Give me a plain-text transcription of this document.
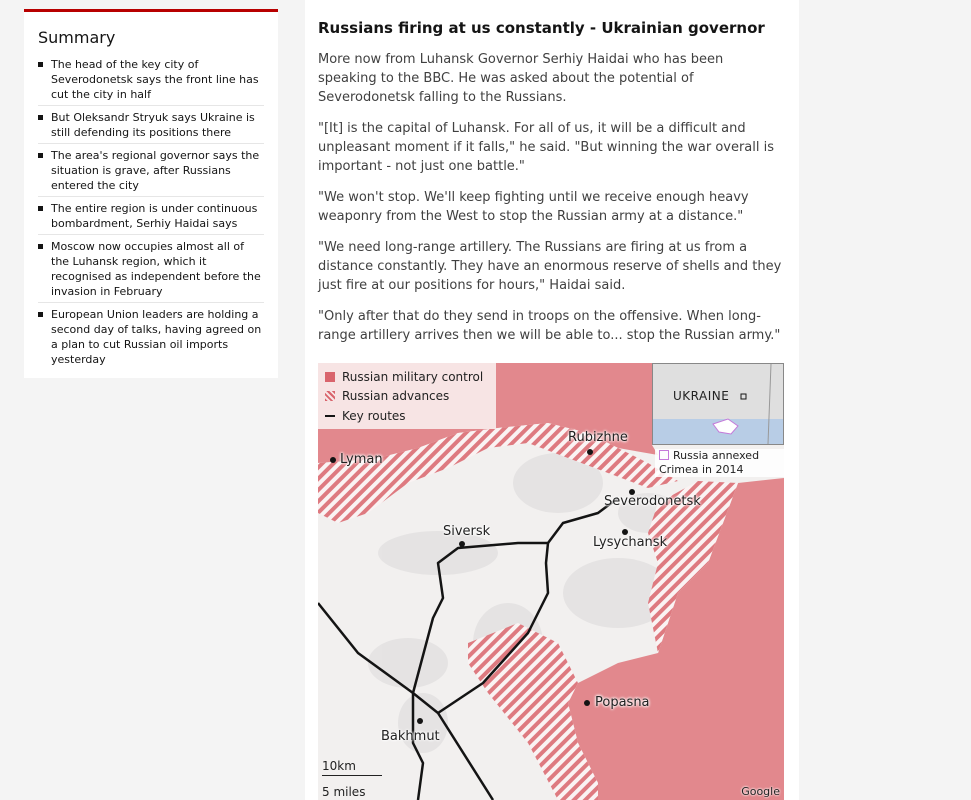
Summary
The head of the key city of Severodonetsk says the front line has cut the city in half
But Oleksandr Stryuk says Ukraine is still defending its positions there
The area's regional governor says the situation is grave, after Russians entered the city
The entire region is under continuous bombardment, Serhiy Haidai says
Moscow now occupies almost all of the Luhansk region, which it recognised as independent before the invasion in February
European Union leaders are holding a second day of talks, having agreed on a plan to cut Russian oil imports yesterday
Russians firing at us constantly - Ukrainian governor

More now from Luhansk Governor Serhiy Haidai who has been speaking to the BBC. He was asked about the potential of Severodonetsk falling to the Russians.

"[It] is the capital of Luhansk. For all of us, it will be a difficult and unpleasant moment if it falls," he said. "But winning the war overall is important - not just one battle."

"We won't stop. We'll keep fighting until we receive enough heavy weaponry from the West to stop the Russian army at a distance."

"We need long-range artillery. The Russians are firing at us from a distance constantly. They have an enormous reserve of shells and they just fire at our positions for hours," Haidai said.

"Only after that do they send in troops on the offensive. When long-range artillery arrives then we will be able to... stop the Russian army."

Russian military control
Russian advances
Key routes
UKRAINE
Russia annexed Crimea in 2014
Rubizhne
Lyman
Severodonetsk
Siversk
Lysychansk
Popasna
Bakhmut
10km
5 miles	Google
